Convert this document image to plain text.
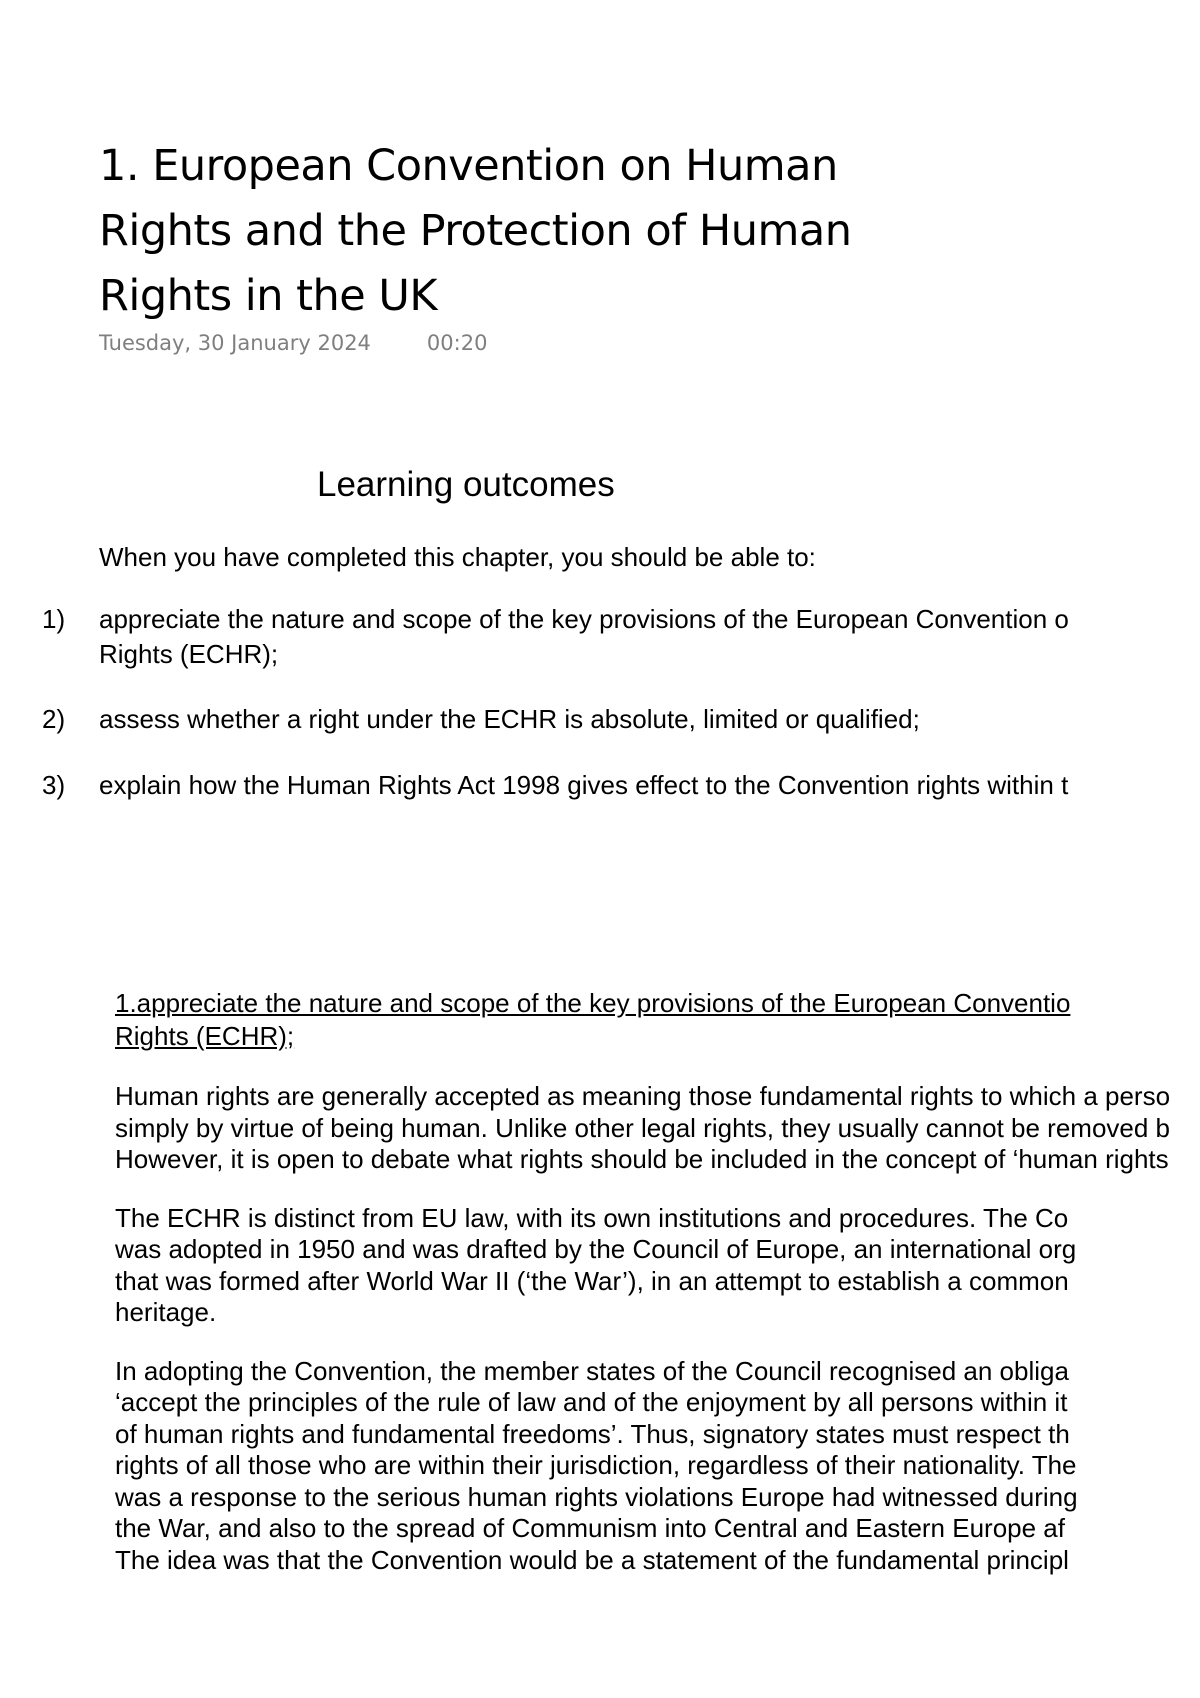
1. European Convention on Human
Rights and the Protection of Human
Rights in the UK
Tuesday, 30 January 2024	00:20
Learning outcomes
When you have completed this chapter, you should be able to:
1) appreciate the nature and scope of the key provisions of the European Convention o
Rights (ECHR);
2) assess whether a right under the ECHR is absolute, limited or qualified;
3) explain how the Human Rights Act 1998 gives effect to the Convention rights within t
1.appreciate the nature and scope of the key provisions of the European Conventio
Rights (ECHR);
Human rights are generally accepted as meaning those fundamental rights to which a perso
simply by virtue of being human. Unlike other legal rights, they usually cannot be removed b
However, it is open to debate what rights should be included in the concept of ‘human rights
The ECHR is distinct from EU law, with its own institutions and procedures. The Co
was adopted in 1950 and was drafted by the Council of Europe, an international org
that was formed after World War II (‘the War’), in an attempt to establish a common
heritage.
In adopting the Convention, the member states of the Council recognised an obliga
‘accept the principles of the rule of law and of the enjoyment by all persons within it
of human rights and fundamental freedoms’. Thus, signatory states must respect th
rights of all those who are within their jurisdiction, regardless of their nationality. The
was a response to the serious human rights violations Europe had witnessed during
the War, and also to the spread of Communism into Central and Eastern Europe af
The idea was that the Convention would be a statement of the fundamental principl
